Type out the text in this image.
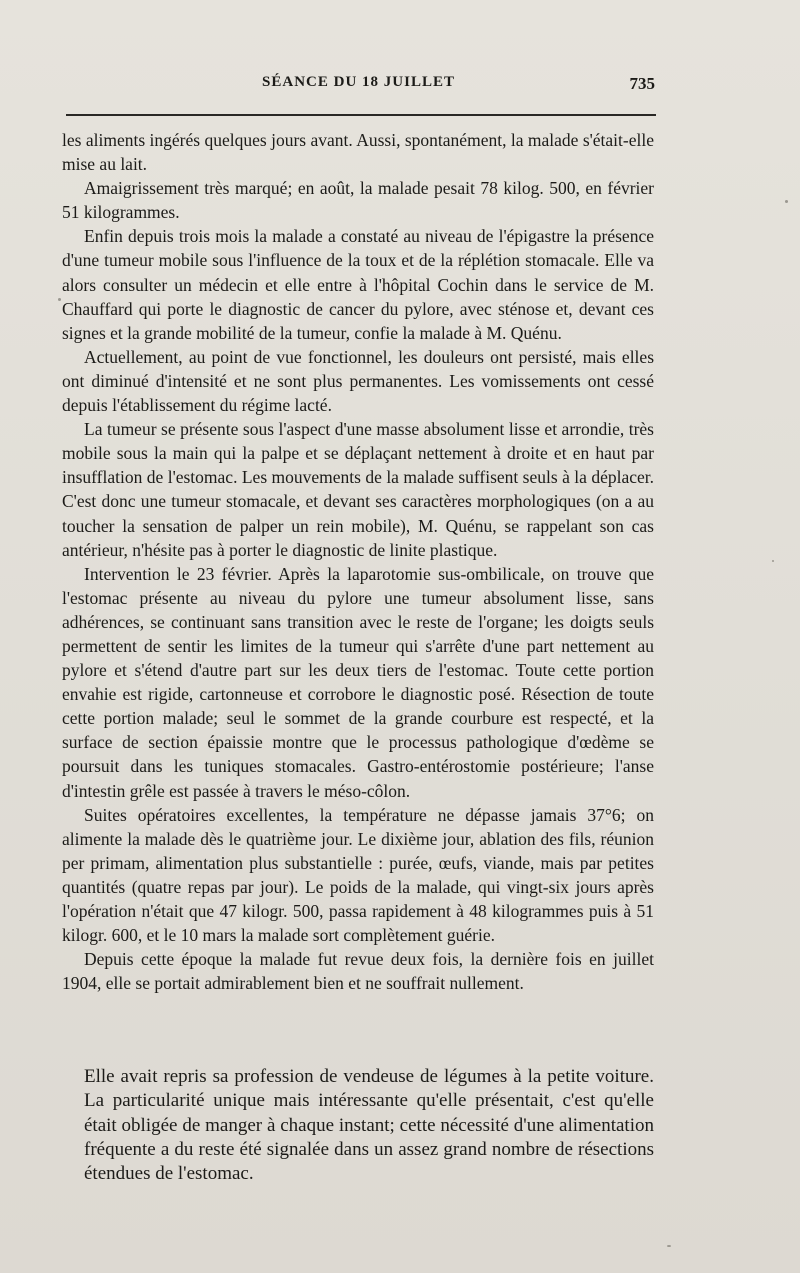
SÉANCE DU 18 JUILLET	735

les aliments ingérés quelques jours avant. Aussi, spontanément, la malade s'était-elle mise au lait.

Amaigrissement très marqué; en août, la malade pesait 78 kilog. 500, en février 51 kilogrammes.

Enfin depuis trois mois la malade a constaté au niveau de l'épigastre la présence d'une tumeur mobile sous l'influence de la toux et de la réplétion stomacale. Elle va alors consulter un médecin et elle entre à l'hôpital Cochin dans le service de M. Chauffard qui porte le diagnostic de cancer du pylore, avec sténose et, devant ces signes et la grande mobilité de la tumeur, confie la malade à M. Quénu.

Actuellement, au point de vue fonctionnel, les douleurs ont persisté, mais elles ont diminué d'intensité et ne sont plus permanentes. Les vomissements ont cessé depuis l'établissement du régime lacté.

La tumeur se présente sous l'aspect d'une masse absolument lisse et arrondie, très mobile sous la main qui la palpe et se déplaçant nettement à droite et en haut par insufflation de l'estomac. Les mouvements de la malade suffisent seuls à la déplacer. C'est donc une tumeur stomacale, et devant ses caractères morphologiques (on a au toucher la sensation de palper un rein mobile), M. Quénu, se rappelant son cas antérieur, n'hésite pas à porter le diagnostic de linite plastique.

Intervention le 23 février. Après la laparotomie sus-ombilicale, on trouve que l'estomac présente au niveau du pylore une tumeur absolument lisse, sans adhérences, se continuant sans transition avec le reste de l'organe; les doigts seuls permettent de sentir les limites de la tumeur qui s'arrête d'une part nettement au pylore et s'étend d'autre part sur les deux tiers de l'estomac. Toute cette portion envahie est rigide, cartonneuse et corrobore le diagnostic posé. Résection de toute cette portion malade; seul le sommet de la grande courbure est respecté, et la surface de section épaissie montre que le processus pathologique d'œdème se poursuit dans les tuniques stomacales. Gastro-entérostomie postérieure; l'anse d'intestin grêle est passée à travers le méso-côlon.

Suites opératoires excellentes, la température ne dépasse jamais 37°6; on alimente la malade dès le quatrième jour. Le dixième jour, ablation des fils, réunion per primam, alimentation plus substantielle : purée, œufs, viande, mais par petites quantités (quatre repas par jour). Le poids de la malade, qui vingt-six jours après l'opération n'était que 47 kilogr. 500, passa rapidement à 48 kilogrammes puis à 51 kilogr. 600, et le 10 mars la malade sort complètement guérie.

Depuis cette époque la malade fut revue deux fois, la dernière fois en juillet 1904, elle se portait admirablement bien et ne souffrait nullement.

Elle avait repris sa profession de vendeuse de légumes à la petite voiture. La particularité unique mais intéressante qu'elle présentait, c'est qu'elle était obligée de manger à chaque instant; cette nécessité d'une alimentation fréquente a du reste été signalée dans un assez grand nombre de résections étendues de l'estomac.
